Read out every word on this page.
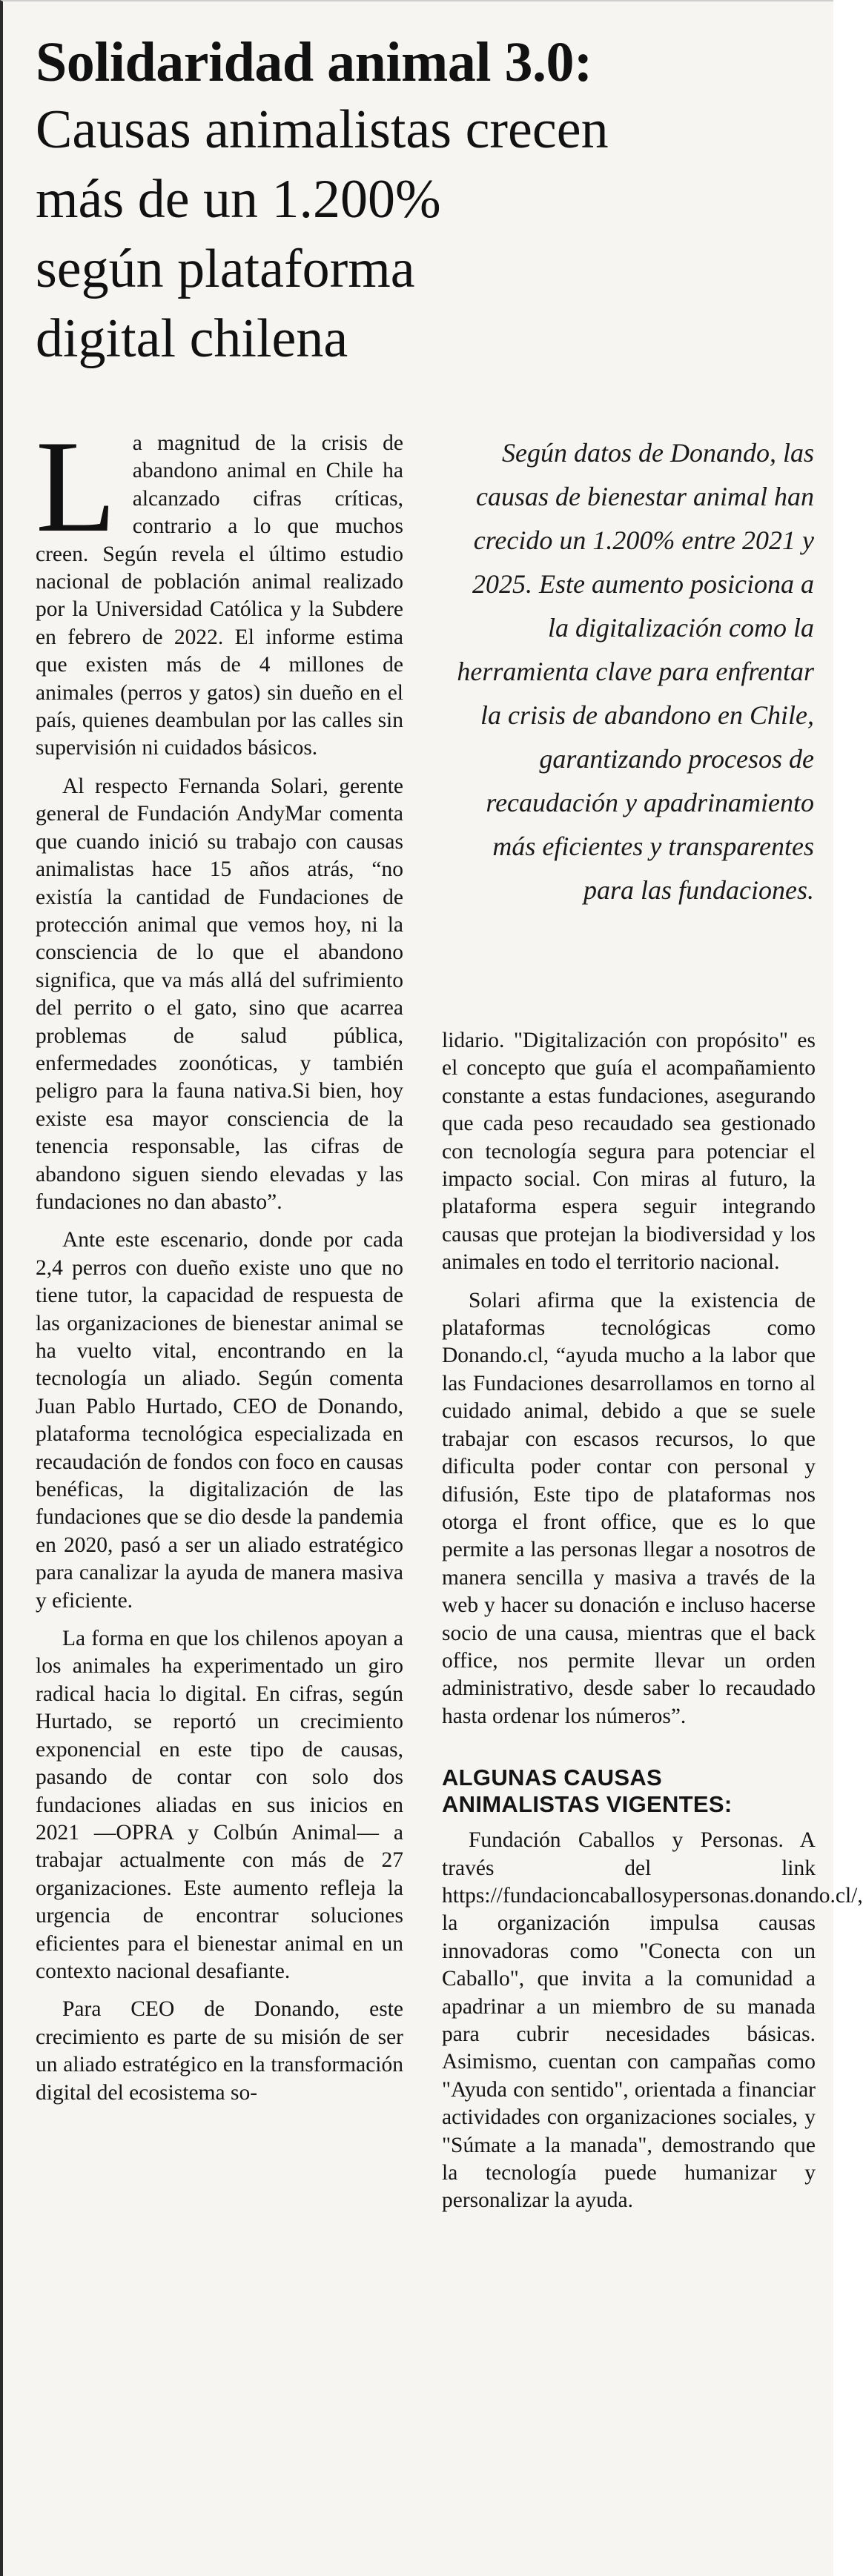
Solidaridad animal 3.0:
Causas animalistas crecen
más de un 1.200%
según plataforma
digital chilena

La magnitud de la crisis de abandono animal en Chile ha alcanzado cifras críticas, contrario a lo que muchos creen. Según revela el último estudio nacional de población animal realizado por la Universidad Católica y la Subdere en febrero de 2022. El informe estima que existen más de 4 millones de animales (perros y gatos) sin dueño en el país, quienes deambulan por las calles sin supervisión ni cuidados básicos.

Al respecto Fernanda Solari, gerente general de Fundación AndyMar comenta que cuando inició su trabajo con causas animalistas hace 15 años atrás, “no existía la cantidad de Fundaciones de protección animal que vemos hoy, ni la consciencia de lo que el abandono significa, que va más allá del sufrimiento del perrito o el gato, sino que acarrea problemas de salud pública, enfermedades zoonóticas, y también peligro para la fauna nativa.Si bien, hoy existe esa mayor consciencia de la tenencia responsable, las cifras de abandono siguen siendo elevadas y las fundaciones no dan abasto”.

Ante este escenario, donde por cada 2,4 perros con dueño existe uno que no tiene tutor, la capacidad de respuesta de las organizaciones de bienestar animal se ha vuelto vital, encontrando en la tecnología un aliado. Según comenta Juan Pablo Hurtado, CEO de Donando, plataforma tecnológica especializada en recaudación de fondos con foco en causas benéficas, la digitalización de las fundaciones que se dio desde la pandemia en 2020, pasó a ser un aliado estratégico para canalizar la ayuda de manera masiva y eficiente.

La forma en que los chilenos apoyan a los animales ha experimentado un giro radical hacia lo digital. En cifras, según Hurtado, se reportó un crecimiento exponencial en este tipo de causas, pasando de contar con solo dos fundaciones aliadas en sus inicios en 2021 —OPRA y Colbún Animal— a trabajar actualmente con más de 27 organizaciones. Este aumento refleja la urgencia de encontrar soluciones eficientes para el bienestar animal en un contexto nacional desafiante.

Para CEO de Donando, este crecimiento es parte de su misión de ser un aliado estratégico en la transformación digital del ecosistema so-

Según datos de Donando, las causas de bienestar animal han crecido un 1.200% entre 2021 y 2025. Este aumento posiciona a la digitalización como la herramienta clave para enfrentar la crisis de abandono en Chile, garantizando procesos de recaudación y apadrinamiento más eficientes y transparentes para las fundaciones.

lidario. "Digitalización con propósito" es el concepto que guía el acompañamiento constante a estas fundaciones, asegurando que cada peso recaudado sea gestionado con tecnología segura para potenciar el impacto social. Con miras al futuro, la plataforma espera seguir integrando causas que protejan la biodiversidad y los animales en todo el territorio nacional.

Solari afirma que la existencia de plataformas tecnológicas como Donando.cl, “ayuda mucho a la labor que las Fundaciones desarrollamos en torno al cuidado animal, debido a que se suele trabajar con escasos recursos, lo que dificulta poder contar con personal y difusión, Este tipo de plataformas nos otorga el front office, que es lo que permite a las personas llegar a nosotros de manera sencilla y masiva a través de la web y hacer su donación e incluso hacerse socio de una causa, mientras que el back office, nos permite llevar un orden administrativo, desde saber lo recaudado hasta ordenar los números”.

ALGUNAS CAUSAS
ANIMALISTAS VIGENTES:

Fundación Caballos y Personas. A través del link https://fundacioncaballosypersonas.donando.cl/, la organización impulsa causas innovadoras como "Conecta con un Caballo", que invita a la comunidad a apadrinar a un miembro de su manada para cubrir necesidades básicas. Asimismo, cuentan con campañas como "Ayuda con sentido", orientada a financiar actividades con organizaciones sociales, y "Súmate a la manada", demostrando que la tecnología puede humanizar y personalizar la ayuda.
